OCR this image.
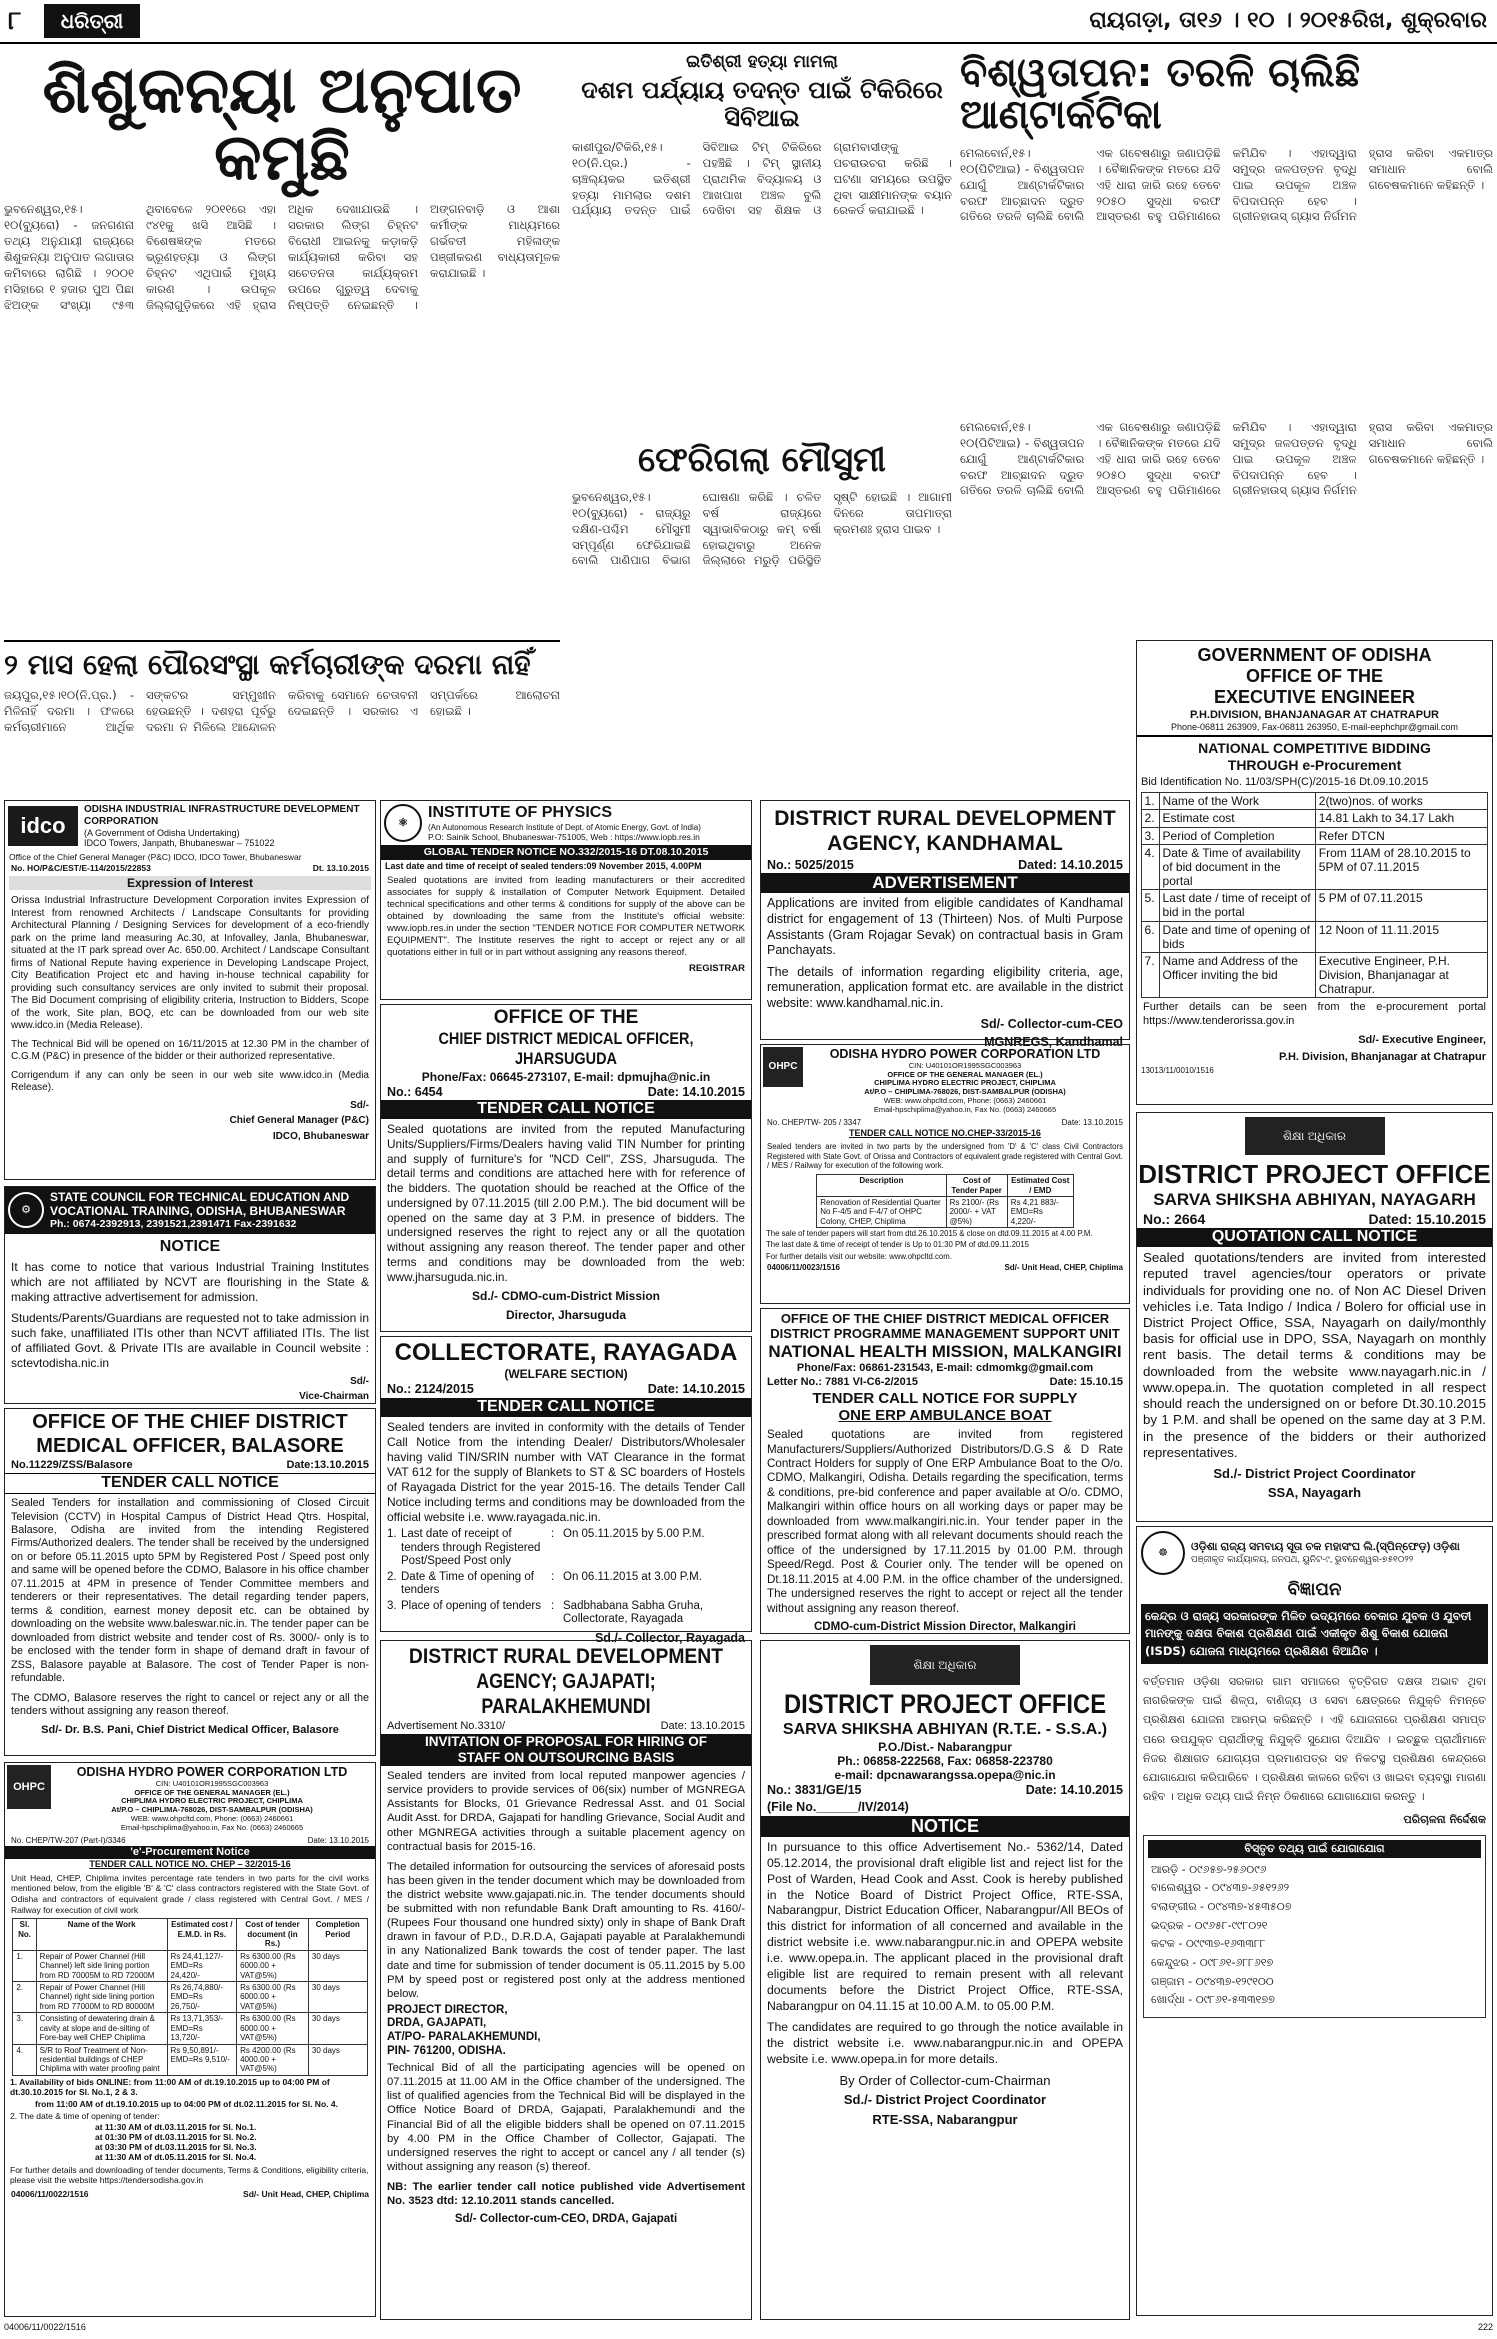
୮	ଧରିତ୍ରୀ	ରାୟଗଡ଼ା, ତା୧୬ । ୧୦ । ୨୦୧୫ରିଖ, ଶୁକ୍ରବାର
ଶିଶୁକନ୍ୟା ଅନୁପାତ କମୁଛି
ଭୁବନେଶ୍ୱର,୧୫।୧୦(ବ୍ୟୁରୋ) - ଜନଗଣନା ତଥ୍ୟ ଅନୁଯାୟୀ ରାଜ୍ୟରେ ଶିଶୁକନ୍ୟା ଅନୁପାତ ଲଗାତାର କମିବାରେ ଲାଗିଛି । ୨୦୦୧ ମସିହାରେ ୧ ହଜାର ପୁଅ ପିଛା ଝିଅଙ୍କ ସଂଖ୍ୟା ୯୫୩ ଥିବାବେଳେ ୨୦୧୧ରେ ଏହା ୯୪୧କୁ ଖସି ଆସିଛି । ବିଶେଷଜ୍ଞଙ୍କ ମତରେ ଭ୍ରୂଣହତ୍ୟା ଓ ଲିଙ୍ଗ ଚିହ୍ନଟ ଏଥିପାଇଁ ମୁଖ୍ୟ କାରଣ । ଉପକୂଳ ଜିଲ୍ଲାଗୁଡ଼ିକରେ ଏହି ହ୍ରାସ ଅଧିକ ଦେଖାଯାଉଛି । ସରକାର ଲିଙ୍ଗ ଚିହ୍ନଟ ବିରୋଧୀ ଆଇନକୁ କଡ଼ାକଡ଼ି କାର୍ଯ୍ୟକାରୀ କରିବା ସହ ସଚେତନତା କାର୍ଯ୍ୟକ୍ରମ ଉପରେ ଗୁରୁତ୍ୱ ଦେବାକୁ ନିଷ୍ପତ୍ତି ନେଇଛନ୍ତି । ଅଙ୍ଗନବାଡ଼ି ଓ ଆଶା କର୍ମୀଙ୍କ ମାଧ୍ୟମରେ ଗର୍ଭବତୀ ମହିଳାଙ୍କ ପଞ୍ଜୀକରଣ ବାଧ୍ୟତାମୂଳକ କରାଯାଇଛି ।
ଇତିଶ୍ରୀ ହତ୍ୟା ମାମଲା
ଦଶମ ପର୍ଯ୍ୟାୟ ତଦନ୍ତ ପାଇଁ ଟିକିରିରେ ସିବିଆଇ
କାଶୀପୁର/ଟିକିରି,୧୫।୧୦(ନି.ପ୍ର.) - ଚାଞ୍ଚଲ୍ୟକର ଇତିଶ୍ରୀ ହତ୍ୟା ମାମଲାର ଦଶମ ପର୍ଯ୍ୟାୟ ତଦନ୍ତ ପାଇଁ ସିବିଆଇ ଟିମ୍ ଟିକିରିରେ ପହଞ୍ଚିଛି । ଟିମ୍ ସ୍ଥାନୀୟ ପ୍ରାଥମିକ ବିଦ୍ୟାଳୟ ଓ ଆଖପାଖ ଅଞ୍ଚଳ ବୁଲି ଦେଖିବା ସହ ଶିକ୍ଷକ ଓ ଗ୍ରାମବାସୀଙ୍କୁ ପଚରାଉଚରା କରିଛି । ଘଟଣା ସମୟରେ ଉପସ୍ଥିତ ଥିବା ସାକ୍ଷୀମାନଙ୍କ ବୟାନ ରେକର୍ଡ କରାଯାଇଛି ।
ବିଶ୍ୱତାପନ: ତରଳି ଚାଲିଛି ଆଣ୍ଟାର୍କଟିକା
ମେଲବୋର୍ନ,୧୫।୧୦(ପିଟିଆଇ) - ବିଶ୍ୱତାପନ ଯୋଗୁଁ ଆଣ୍ଟାର୍କଟିକାର ବରଫ ଆଚ୍ଛାଦନ ଦ୍ରୁତ ଗତିରେ ତରଳି ଚାଲିଛି ବୋଲି ଏକ ଗବେଷଣାରୁ ଜଣାପଡ଼ିଛି । ବୈଜ୍ଞାନିକଙ୍କ ମତରେ ଯଦି ଏହି ଧାରା ଜାରି ରହେ ତେବେ ୨୦୫୦ ସୁଦ୍ଧା ବରଫ ଆସ୍ତରଣ ବହୁ ପରିମାଣରେ କମିଯିବ । ଏହାଦ୍ୱାରା ସମୁଦ୍ର ଜଳପତ୍ତନ ବୃଦ୍ଧି ପାଇ ଉପକୂଳ ଅଞ୍ଚଳ ବିପଦାପନ୍ନ ହେବ । ଗ୍ରୀନହାଉସ୍ ଗ୍ୟାସ ନିର୍ଗମନ ହ୍ରାସ କରିବା ଏକମାତ୍ର ସମାଧାନ ବୋଲି ଗବେଷକମାନେ କହିଛନ୍ତି ।
ଫେରିଗଲା ମୌସୁମୀ
ଭୁବନେଶ୍ୱର,୧୫।୧୦(ବ୍ୟୁରୋ) - ରାଜ୍ୟରୁ ଦକ୍ଷିଣ-ପଶ୍ଚିମ ମୌସୁମୀ ସମ୍ପୂର୍ଣ୍ଣ ଫେରିଯାଇଛି ବୋଲି ପାଣିପାଗ ବିଭାଗ ଘୋଷଣା କରିଛି । ଚଳିତ ବର୍ଷ ରାଜ୍ୟରେ ସ୍ୱାଭାବିକଠାରୁ କମ୍ ବର୍ଷା ହୋଇଥିବାରୁ ଅନେକ ଜିଲ୍ଲାରେ ମରୁଡ଼ି ପରିସ୍ଥିତି ସୃଷ୍ଟି ହୋଇଛି । ଆଗାମୀ ଦିନରେ ତାପମାତ୍ରା କ୍ରମଶଃ ହ୍ରାସ ପାଇବ ।
ମେଲବୋର୍ନ,୧୫।୧୦(ପିଟିଆଇ) - ବିଶ୍ୱତାପନ ଯୋଗୁଁ ଆଣ୍ଟାର୍କଟିକାର ବରଫ ଆଚ୍ଛାଦନ ଦ୍ରୁତ ଗତିରେ ତରଳି ଚାଲିଛି ବୋଲି ଏକ ଗବେଷଣାରୁ ଜଣାପଡ଼ିଛି । ବୈଜ୍ଞାନିକଙ୍କ ମତରେ ଯଦି ଏହି ଧାରା ଜାରି ରହେ ତେବେ ୨୦୫୦ ସୁଦ୍ଧା ବରଫ ଆସ୍ତରଣ ବହୁ ପରିମାଣରେ କମିଯିବ । ଏହାଦ୍ୱାରା ସମୁଦ୍ର ଜଳପତ୍ତନ ବୃଦ୍ଧି ପାଇ ଉପକୂଳ ଅଞ୍ଚଳ ବିପଦାପନ୍ନ ହେବ । ଗ୍ରୀନହାଉସ୍ ଗ୍ୟାସ ନିର୍ଗମନ ହ୍ରାସ କରିବା ଏକମାତ୍ର ସମାଧାନ ବୋଲି ଗବେଷକମାନେ କହିଛନ୍ତି ।
୨ ମାସ ହେଲା ପୌରସଂସ୍ଥା କର୍ମଚାରୀଙ୍କ ଦରମା ନାହିଁ
ଜୟପୁର,୧୫।୧୦(ନି.ପ୍ର.) - ମିଳିନାହିଁ ଦରମା । ଫଳରେ କର୍ମଚାରୀମାନେ ଆର୍ଥିକ ସଙ୍କଟର ସମ୍ମୁଖୀନ ହେଉଛନ୍ତି । ଦଶହରା ପୂର୍ବରୁ ଦରମା ନ ମିଳିଲେ ଆନ୍ଦୋଳନ କରିବାକୁ ସେମାନେ ଚେତାବନୀ ଦେଇଛନ୍ତି । ସରକାର ଏ ସମ୍ପର୍କରେ ଆଲୋଚନା ହୋଇଛି ।
GOVERNMENT OF ODISHA
OFFICE OF THE
EXECUTIVE ENGINEER
P.H.DIVISION, BHANJANAGAR AT CHATRAPUR
Phone-06811 263909, Fax-06811 263950, E-mail-eephchpr@gmail.com
NATIONAL COMPETITIVE BIDDING
THROUGH e-Procurement
Bid Identification No. 11/03/SPH(C)/2015-16 Dt.09.10.2015
1.	Name of the Work	2(two)nos. of works
2.	Estimate cost	14.81 Lakh to 34.17 Lakh
3.	Period of Completion	Refer DTCN
4.	Date & Time of availability of bid document in the portal	From 11AM of 28.10.2015 to 5PM of 07.11.2015
5.	Last date / time of receipt of bid in the portal	5 PM of 07.11.2015
6.	Date and time of opening of bids	12 Noon of 11.11.2015
7.	Name and Address of the Officer inviting the bid	Executive Engineer, P.H. Division, Bhanjanagar at Chatrapur.
Further details can be seen from the e-procurement portal https://www.tenderorissa.gov.in
Sd/- Executive Engineer,
P.H. Division, Bhanjanagar at Chatrapur
13013/11/0010/1516
idco
ODISHA INDUSTRIAL INFRASTRUCTURE DEVELOPMENT CORPORATION
(A Government of Odisha Undertaking)
IDCO Towers, Janpath, Bhubaneswar – 751022
Office of the Chief General Manager (P&C) IDCO, IDCO Tower, Bhubaneswar
No. HO/P&C/EST/E-114/2015/22853	Dt. 13.10.2015
Expression of Interest
Orissa Industrial Infrastructure Development Corporation invites Expression of Interest from renowned Architects / Landscape Consultants for providing Architectural Planning / Designing Services for development of a eco-friendly park on the prime land measuring Ac.30, at Infovalley, Janla, Bhubaneswar, situated at the IT park spread over Ac. 650.00. Architect / Landscape Consultant firms of National Repute having experience in Developing Landscape Project, City Beatification Project etc and having in-house technical capability for providing such consultancy services are only invited to submit their proposal. The Bid Document comprising of eligibility criteria, Instruction to Bidders, Scope of the work, Site plan, BOQ, etc can be downloaded from our web site www.idco.in (Media Release).
The Technical Bid will be opened on 16/11/2015 at 12.30 PM in the chamber of C.G.M (P&C) in presence of the bidder or their authorized representative.
Corrigendum if any can only be seen in our web site www.idco.in (Media Release).
Sd/-
Chief General Manager (P&C)
IDCO, Bhubaneswar
⚛
INSTITUTE OF PHYSICS
(An Autonomous Research Institute of Dept. of Atomic Energy, Govt. of India)
P.O: Sainik School, Bhubaneswar-751005, Web : https://www.iopb.res.in
GLOBAL TENDER NOTICE NO.332/2015-16 DT.08.10.2015
Last date and time of receipt of sealed tenders:09 November 2015, 4.00PM
Sealed quotations are invited from leading manufacturers or their accredited associates for supply & installation of Computer Network Equipment. Detailed technical specifications and other terms & conditions for supply of the above can be obtained by downloading the same from the Institute's official website: www.iopb.res.in under the section "TENDER NOTICE FOR COMPUTER NETWORK EQUIPMENT". The Institute reserves the right to accept or reject any or all quotations either in full or in part without assigning any reasons thereof.
REGISTRAR
DISTRICT RURAL DEVELOPMENT
AGENCY, KANDHAMAL
No.: 5025/2015	Dated: 14.10.2015
ADVERTISEMENT
Applications are invited from eligible candidates of Kandhamal district for engagement of 13 (Thirteen) Nos. of Multi Purpose Assistants (Gram Rojagar Sevak) on contractual basis in Gram Panchayats.
The details of information regarding eligibility criteria, age, remuneration, application format etc. are available in the district website: www.kandhamal.nic.in.
Sd/- Collector-cum-CEO
MGNREGS, Kandhamal
OFFICE OF THE
CHIEF DISTRICT MEDICAL OFFICER, JHARSUGUDA
Phone/Fax: 06645-273107, E-mail: dpmujha@nic.in
No.: 6454	Date: 14.10.2015
TENDER CALL NOTICE
Sealed quotations are invited from the reputed Manufacturing Units/Suppliers/Firms/Dealers having valid TIN Number for printing and supply of furniture's for "NCD Cell", ZSS, Jharsuguda. The detail terms and conditions are attached here with for reference of the bidders. The quotation should be reached at the Office of the undersigned by 07.11.2015 (till 2.00 P.M.). The bid document will be opened on the same day at 3 P.M. in presence of bidders. The undersigned reserves the right to reject any or all the quotation without assigning any reason thereof. The tender paper and other terms and conditions may be downloaded from the web: www.jharsuguda.nic.in.
Sd./- CDMO-cum-District Mission
Director, Jharsuguda
OHPC
ODISHA HYDRO POWER CORPORATION LTD
CIN: U40101OR1995SGC003963
OFFICE OF THE GENERAL MANAGER (EL.)
CHIPLIMA HYDRO ELECTRIC PROJECT, CHIPLIMA
At/P.O – CHIPLIMA-768026, DIST-SAMBALPUR (ODISHA)
WEB: www.ohpcltd.com, Phone: (0663) 2460661
Email-hpschiplima@yahoo.in, Fax No. (0663) 2460665
No. CHEP/TW- 205 / 3347	Date: 13.10.2015
TENDER CALL NOTICE NO.CHEP-33/2015-16
Sealed tenders are invited in two parts by the undersigned from 'D' & 'C' class Civil Contractors Registered with State Govt. of Orissa and Contractors of equivalent grade registered with Central Govt. / MES / Railway for execution of the following work.
Description	Cost of Tender Paper	Estimated Cost / EMD
Renovation of Residential Quarter No F-4/5 and F-4/7 of OHPC Colony, CHEP, Chiplima	Rs 2100/- (Rs 2000/- + VAT @5%)	Rs 4,21 883/- EMD=Rs 4,220/-
The sale of tender papers will start from dtd.26.10.2015 & close on dtd.09.11.2015 at 4.00 P.M.
The last date & time of receipt of tender is Up to 01:30 PM of dtd.09.11.2015
For further details visit our website: www.ohpcltd.com.
04006/11/0023/1516	Sd/- Unit Head, CHEP, Chiplima
⚙
STATE COUNCIL FOR TECHNICAL EDUCATION AND
VOCATIONAL TRAINING, ODISHA, BHUBANESWAR
Ph.: 0674-2392913, 2391521,2391471 Fax-2391632
NOTICE
It has come to notice that various Industrial Training Institutes which are not affiliated by NCVT are flourishing in the State & making attractive advertisement for admission.
Students/Parents/Guardians are requested not to take admission in such fake, unaffiliated ITIs other than NCVT affiliated ITIs. The list of affiliated Govt. & Private ITIs are available in Council website : sctevtodisha.nic.in
Sd/-
Vice-Chairman
ଶିକ୍ଷା ଅଧିକାର
DISTRICT PROJECT OFFICE
SARVA SHIKSHA ABHIYAN, NAYAGARH
No.: 2664	Dated: 15.10.2015
QUOTATION CALL NOTICE
Sealed quotations/tenders are invited from interested reputed travel agencies/tour operators or private individuals for providing one no. of Non AC Diesel Driven vehicles i.e. Tata Indigo / Indica / Bolero for official use in District Project Office, SSA, Nayagarh on daily/monthly basis for official use in DPO, SSA, Nayagarh on monthly rent basis. The detail terms & conditions may be downloaded from the website www.nayagarh.nic.in / www.opepa.in. The quotation completed in all respect should reach the undersigned on or before Dt.30.10.2015 by 1 P.M. and shall be opened on the same day at 3 P.M. in the presence of the bidders or their authorized representatives.
Sd./- District Project Coordinator
SSA, Nayagarh
COLLECTORATE, RAYAGADA
(WELFARE SECTION)
No.: 2124/2015	Date: 14.10.2015
TENDER CALL NOTICE
Sealed tenders are invited in conformity with the details of Tender Call Notice from the intending Dealer/ Distributors/Wholesaler having valid TIN/SRIN number with VAT Clearance in the format VAT 612 for the supply of Blankets to ST & SC boarders of Hostels of Rayagada District for the year 2015-16. The details Tender Call Notice including terms and conditions may be downloaded from the official website i.e. www.rayagada.nic.in.
1. Last date of receipt of tenders through Registered Post/Speed Post only
: On 05.11.2015 by 5.00 P.M.
2. Date & Time of opening of tenders
: On 06.11.2015 at 3.00 P.M.
3. Place of opening of tenders : Sadbhabana Sabha Gruha, Collectorate, Rayagada
Sd./- Collector, Rayagada
OFFICE OF THE CHIEF DISTRICT MEDICAL OFFICER
DISTRICT PROGRAMME MANAGEMENT SUPPORT UNIT
NATIONAL HEALTH MISSION, MALKANGIRI
Phone/Fax: 06861-231543, E-mail: cdmomkg@gmail.com
Letter No.: 7881 VI-C6-2/2015	Date: 15.10.15
TENDER CALL NOTICE FOR SUPPLY
ONE ERP AMBULANCE BOAT
Sealed quotations are invited from registered Manufacturers/Suppliers/Authorized Distributors/D.G.S & D Rate Contract Holders for supply of One ERP Ambulance Boat to the O/o. CDMO, Malkangiri, Odisha. Details regarding the specification, terms & conditions, pre-bid conference and paper available at O/o. CDMO, Malkangiri within office hours on all working days or paper may be downloaded from www.malkangiri.nic.in. Your tender paper in the prescribed format along with all relevant documents should reach the office of the undersigned by 17.11.2015 by 01.00 P.M. through Speed/Regd. Post & Courier only. The tender will be opened on Dt.18.11.2015 at 4.00 P.M. in the office chamber of the undersigned. The undersigned reserves the right to accept or reject all the tender without assigning any reason thereof.
CDMO-cum-District Mission Director, Malkangiri
OFFICE OF THE CHIEF DISTRICT
MEDICAL OFFICER, BALASORE
No.11229/ZSS/Balasore	Date:13.10.2015
TENDER CALL NOTICE
Sealed Tenders for installation and commissioning of Closed Circuit Television (CCTV) in Hospital Campus of District Head Qtrs. Hospital, Balasore, Odisha are invited from the intending Registered Firms/Authorized dealers. The tender shall be received by the undersigned on or before 05.11.2015 upto 5PM by Registered Post / Speed post only and same will be opened before the CDMO, Balasore in his office chamber 07.11.2015 at 4PM in presence of Tender Committee members and tenderers or their representatives. The detail regarding tender papers, terms & condition, earnest money deposit etc. can be obtained by downloading on the website www.baleswar.nic.in. The tender paper can be downloaded from district website and tender cost of Rs. 3000/- only is to be enclosed with the tender form in shape of demand draft in favour of ZSS, Balasore payable at Balasore. The cost of Tender Paper is non-refundable.
The CDMO, Balasore reserves the right to cancel or reject any or all the tenders without assigning any reason thereof.
Sd/- Dr. B.S. Pani, Chief District Medical Officer, Balasore
☸	ଓଡ଼ିଶା ରାଜ୍ୟ ସମବାୟ ସୂତା ଚକ ମହାସଂଘ ଲି.(ସ୍ପିନ୍‌ଫେଡ଼) ଓଡ଼ିଶା
ପଞ୍ଜୀକୃତ କାର୍ଯ୍ୟାଳୟ, ଜନପଥ, ୟୁନିଟ-୯, ଭୁବନେଶ୍ୱର-୭୫୧୦୨୨
ବିଜ୍ଞାପନ
କେନ୍ଦ୍ର ଓ ରାଜ୍ୟ ସରକାରଙ୍କ ମିଳିତ ଉଦ୍ୟମରେ ବେକାର ଯୁବକ ଓ ଯୁବତୀ ମାନଙ୍କୁ ଦକ୍ଷତା ବିକାଶ ପ୍ରଶିକ୍ଷଣ ପାଇଁ ଏକୀକୃତ ଶିଶୁ ବିକାଶ ଯୋଜନା (ISDS) ଯୋଜନା ମାଧ୍ୟମରେ ପ୍ରଶିକ୍ଷଣ ଦିଆଯିବ ।
ବର୍ତ୍ତମାନ ଓଡ଼ିଶା ସରକାର ଗାମ ସମାଜରେ ବୃତ୍ତିଗତ ଦକ୍ଷତା ଅଭାବ ଥିବା ନାଗରିକଙ୍କ ପାଇଁ ଶିଳ୍ପ, ବାଣିଜ୍ୟ ଓ ସେବା କ୍ଷେତ୍ରରେ ନିଯୁକ୍ତି ନିମନ୍ତେ ପ୍ରଶିକ୍ଷଣ ଯୋଜନା ଆରମ୍ଭ କରିଛନ୍ତି । ଏହି ଯୋଜନାରେ ପ୍ରଶିକ୍ଷଣ ସମାପ୍ତ ପରେ ଉପଯୁକ୍ତ ପ୍ରାର୍ଥୀଙ୍କୁ ନିଯୁକ୍ତି ସୁଯୋଗ ଦିଆଯିବ । ଇଚ୍ଛୁକ ପ୍ରାର୍ଥୀମାନେ ନିଜର ଶିକ୍ଷାଗତ ଯୋଗ୍ୟତା ପ୍ରମାଣପତ୍ର ସହ ନିକଟସ୍ଥ ପ୍ରଶିକ୍ଷଣ କେନ୍ଦ୍ରରେ ଯୋଗାଯୋଗ କରିପାରିବେ । ପ୍ରଶିକ୍ଷଣ କାଳରେ ରହିବା ଓ ଖାଇବା ବ୍ୟବସ୍ଥା ମାଗଣା ରହିବ । ଅଧିକ ତଥ୍ୟ ପାଇଁ ନିମ୍ନ ଠିକଣାରେ ଯୋଗାଯୋଗ କରନ୍ତୁ ।
ପରିଚାଳନା ନିର୍ଦ୍ଦେଶକ
ବିସ୍ତୃତ ତଥ୍ୟ ପାଇଁ ଯୋଗାଯୋଗ
ଆରଡ଼ି - ୦୯୬୫୭-୨୫୬୦୯୬
ବାଲେଶ୍ୱର - ୦୯୪୩୭-୬୫୧୨୬୨
ବଲାଙ୍ଗୀର - ୦୯୪୩୭-୪୫୩୫୦୭
ଭଦ୍ରକ - ୦୯୬୫୮-୯୯୮୦୨୧
କଟକ - ୦୯୯୩୭-୧୬୩୩୮୮
କେନ୍ଦୁଝର - ୦୯୮୬୧-୬୮୮୬୧୭
ଗଞ୍ଜାମ - ୦୯୪୩୭-୧୨୯୧୦୦
ଖୋର୍ଦ୍ଧା - ୦୯୮୬୧-୫୩୩୧୭୭
OHPC
ODISHA HYDRO POWER CORPORATION LTD
CIN: U40101OR1995SGC003963
OFFICE OF THE GENERAL MANAGER (EL.)
CHIPLIMA HYDRO ELECTRIC PROJECT, CHIPLIMA
At/P.O – CHIPLIMA-768026, DIST-SAMBALPUR (ODISHA)
WEB: www.ohpcltd.com, Phone: (0663) 2460661
Email-hpschiplima@yahoo.in, Fax No. (0663) 2460665
No. CHEP/TW-207 (Part-I)/3346	Date: 13.10.2015
'e'-Procurement Notice
TENDER CALL NOTICE NO. CHEP – 32/2015-16
Unit Head, CHEP, Chiplima invites percentage rate tenders in two parts for the civil works mentioned below, from the eligible 'B' & 'C' class contractors registered with the State Govt. of Odisha and contractors of equivalent grade / class registered with Central Govt. / MES / Railway for execution of civil work
Sl. No.	Name of the Work	Estimated cost / E.M.D. in Rs.	Cost of tender document (in Rs.)	Completion Period
1.	Repair of Power Channel (Hill Channel) left side lining portion from RD 70005M to RD 72000M	Rs 24,41,127/- EMD=Rs 24,420/-	Rs 6300.00 (Rs 6000.00 + VAT@5%)	30 days
2.	Repair of Power Channel (Hill Channel) right side lining portion from RD 77000M to RD 80000M	Rs 26,74,880/- EMD=Rs 26,750/-	Rs 6300.00 (Rs 6000.00 + VAT@5%)	30 days
3.	Consisting of dewatering drain & cavity at slope and de-silting of Fore-bay well CHEP Chiplima	Rs 13,71,353/- EMD=Rs 13,720/-	Rs 6300.00 (Rs 6000.00 + VAT@5%)	30 days
4.	S/R to Roof Treatment of Non-residential buildings of CHEP Chiplima with water proofing paint	Rs 9,50,891/- EMD=Rs 9,510/-	Rs 4200.00 (Rs 4000.00 + VAT@5%)	30 days
1. Availability of bids ONLINE: from 11:00 AM of dt.19.10.2015 up to 04:00 PM of dt.30.10.2015 for Sl. No.1, 2 & 3.
from 11:00 AM of dt.19.10.2015 up to 04:00 PM of dt.02.11.2015 for Sl. No. 4.
2. The date & time of opening of tender:
at 11:30 AM of dt.03.11.2015 for Sl. No.1.
at 01:30 PM of dt.03.11.2015 for Sl. No.2.
at 03:30 PM of dt.03.11.2015 for Sl. No.3.
at 11:30 AM of dt.05.11.2015 for Sl. No.4.
For further details and downloading of tender documents, Terms & Conditions, eligibility criteria, please visit the website https://tendersodisha.gov.in
04006/11/0022/1516	Sd/- Unit Head, CHEP, Chiplima
DISTRICT RURAL DEVELOPMENT
AGENCY; GAJAPATI; PARALAKHEMUNDI
Advertisement No.3310/	Date: 13.10.2015
INVITATION OF PROPOSAL FOR HIRING OF
STAFF ON OUTSOURCING BASIS
Sealed tenders are invited from local reputed manpower agencies / service providers to provide services of 06(six) number of MGNREGA Assistants for Blocks, 01 Grievance Redressal Asst. and 01 Social Audit Asst. for DRDA, Gajapati for handling Grievance, Social Audit and other MGNREGA activities through a suitable placement agency on contractual basis for 2015-16.
The detailed information for outsourcing the services of aforesaid posts has been given in the tender document which may be downloaded from the district website www.gajapati.nic.in. The tender documents should be submitted with non refundable Bank Draft amounting to Rs. 4160/- (Rupees Four thousand one hundred sixty) only in shape of Bank Draft drawn in favour of P.D., D.R.D.A, Gajapati payable at Paralakhemundi in any Nationalized Bank towards the cost of tender paper. The last date and time for submission of tender document is 05.11.2015 by 5.00 PM by speed post or registered post only at the address mentioned below.
PROJECT DIRECTOR,
DRDA, GAJAPATI,
AT/PO- PARALAKHEMUNDI,
PIN- 761200, ODISHA.
Technical Bid of all the participating agencies will be opened on 07.11.2015 at 11.00 AM in the Office chamber of the undersigned. The list of qualified agencies from the Technical Bid will be displayed in the Office Notice Board of DRDA, Gajapati, Paralakhemundi and the Financial Bid of all the eligible bidders shall be opened on 07.11.2015 by 4.00 PM in the Office Chamber of Collector, Gajapati. The undersigned reserves the right to accept or cancel any / all tender (s) without assigning any reason (s) thereof.
NB: The earlier tender call notice published vide Advertisement No. 3523 dtd: 12.10.2011 stands cancelled.
Sd/- Collector-cum-CEO, DRDA, Gajapati
ଶିକ୍ଷା ଅଧିକାର
DISTRICT PROJECT OFFICE
SARVA SHIKSHA ABHIYAN (R.T.E. - S.S.A.)
P.O./Dist.- Nabarangpur
Ph.: 06858-222568, Fax: 06858-223780
e-mail: dpcnawarangssa.opepa@nic.in
No.: 3831/GE/15	Date: 14.10.2015
(File No.______/IV/2014)
NOTICE
In pursuance to this office Advertisement No.- 5362/14, Dated 05.12.2014, the provisional draft eligible list and reject list for the Post of Warden, Head Cook and Asst. Cook is hereby published in the Notice Board of District Project Office, RTE-SSA, Nabarangpur, District Education Officer, Nabarangpur/All BEOs of this district for information of all concerned and available in the district website i.e. www.nabarangpur.nic.in and OPEPA website i.e. www.opepa.in. The applicant placed in the provisional draft eligible list are required to remain present with all relevant documents before the District Project Office, RTE-SSA, Nabarangpur on 04.11.15 at 10.00 A.M. to 05.00 P.M.
The candidates are required to go through the notice available in the district website i.e. www.nabarangpur.nic.in and OPEPA website i.e. www.opepa.in for more details.
By Order of Collector-cum-Chairman
Sd./- District Project Coordinator
RTE-SSA, Nabarangpur
04006/11/0022/1516	222
